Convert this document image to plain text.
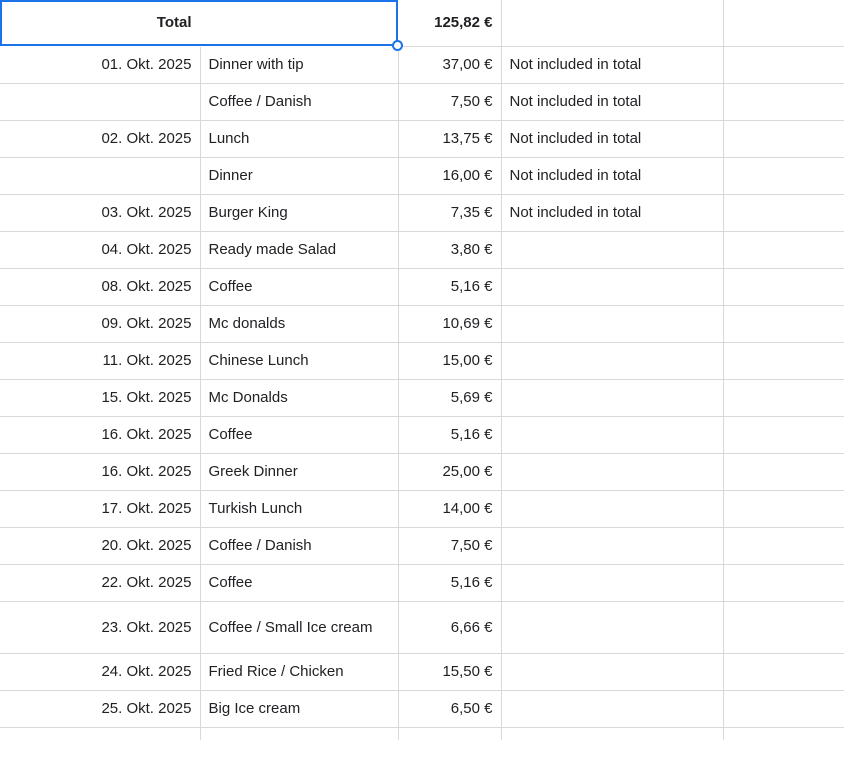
Total		125,82 €		
01. Okt. 2025	Dinner with tip	37,00 €	Not included in total	
	Coffee / Danish	7,50 €	Not included in total	
02. Okt. 2025	Lunch	13,75 €	Not included in total	
	Dinner	16,00 €	Not included in total	
03. Okt. 2025	Burger King	7,35 €	Not included in total	
04. Okt. 2025	Ready made Salad	3,80 €		
08. Okt. 2025	Coffee	5,16 €		
09. Okt. 2025	Mc donalds	10,69 €		
11. Okt. 2025	Chinese Lunch	15,00 €		
15. Okt. 2025	Mc Donalds	5,69 €		
16. Okt. 2025	Coffee	5,16 €		
16. Okt. 2025	Greek Dinner	25,00 €		
17. Okt. 2025	Turkish Lunch	14,00 €		
20. Okt. 2025	Coffee / Danish	7,50 €		
22. Okt. 2025	Coffee	5,16 €		
23. Okt. 2025	Coffee / Small Ice cream	6,66 €		
24. Okt. 2025	Fried Rice / Chicken	15,50 €		
25. Okt. 2025	Big Ice cream	6,50 €		
